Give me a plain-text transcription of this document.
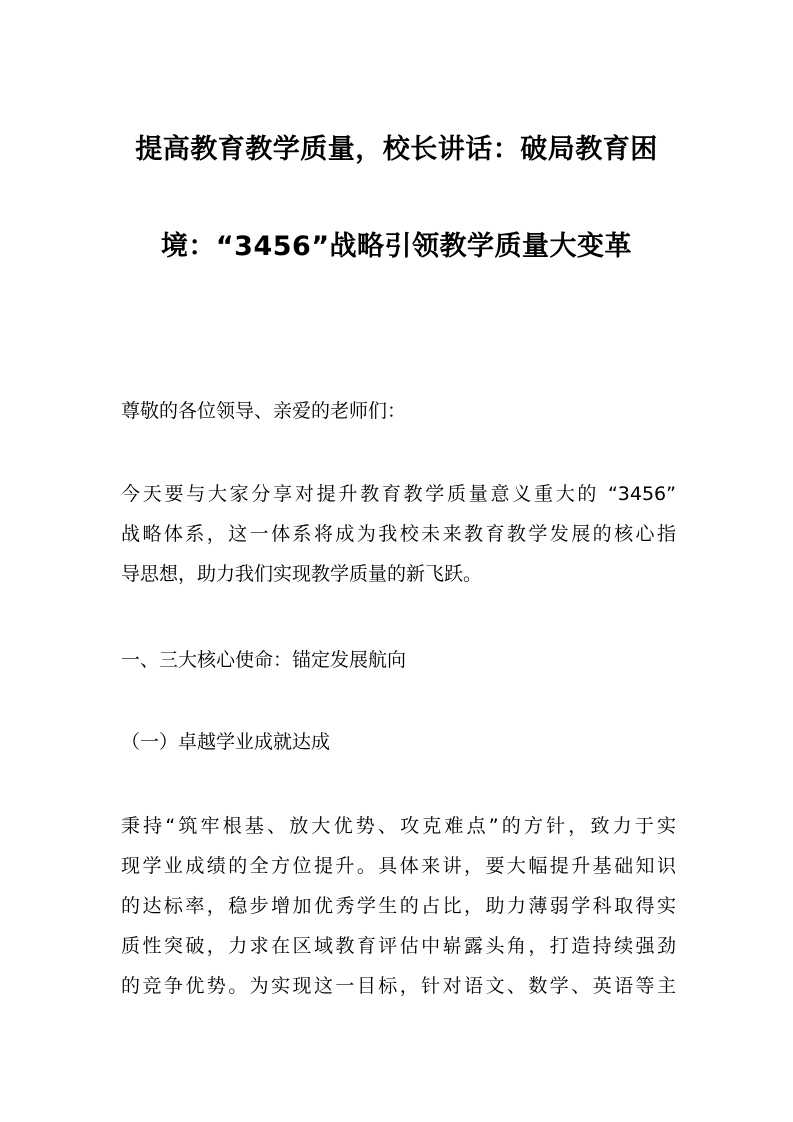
提高教育教学质量，校长讲话：破局教育困
境：“3456”战略引领教学质量大变革

尊敬的各位领导、亲爱的老师们：

今天要与大家分享对提升教育教学质量意义重大的 “3456”
战略体系，这一体系将成为我校未来教育教学发展的核心指
导思想，助力我们实现教学质量的新飞跃。

一、三大核心使命：锚定发展航向

（一）卓越学业成就达成

秉持“筑牢根基、放大优势、攻克难点”的方针，致力于实
现学业成绩的全方位提升。具体来讲，要大幅提升基础知识
的达标率，稳步增加优秀学生的占比，助力薄弱学科取得实
质性突破，力求在区域教育评估中崭露头角，打造持续强劲
的竞争优势。为实现这一目标，针对语文、数学、英语等主
